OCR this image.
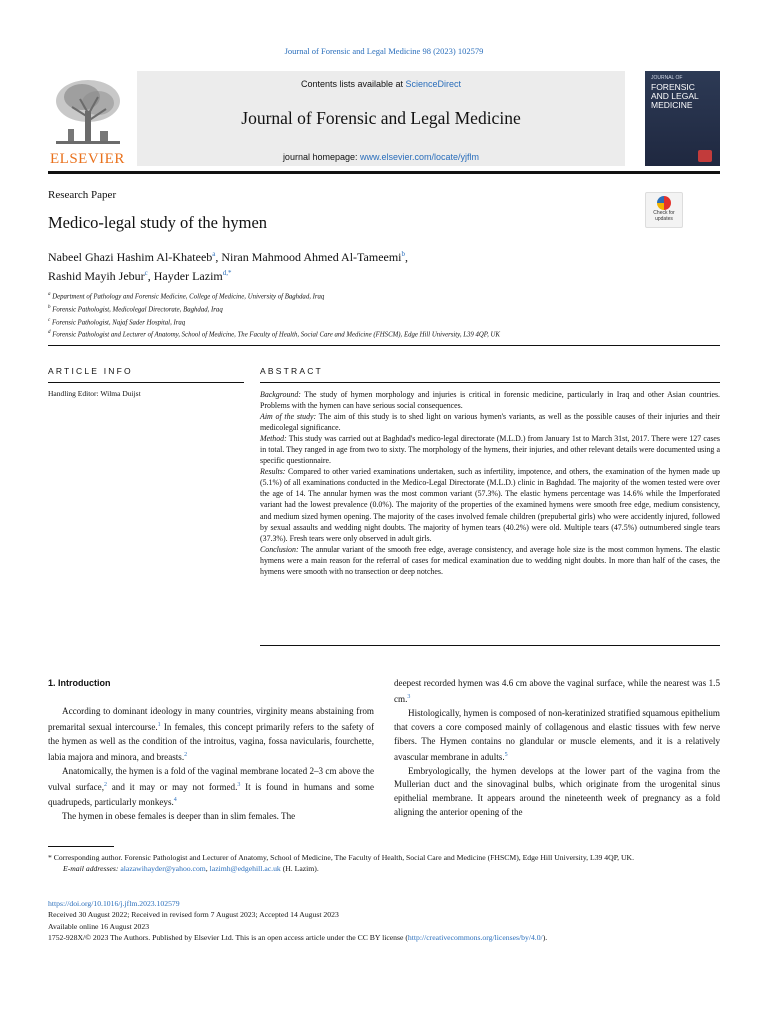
Journal of Forensic and Legal Medicine 98 (2023) 102579
ELSEVIER
Contents lists available at ScienceDirect
Journal of Forensic and Legal Medicine
journal homepage: www.elsevier.com/locate/yjflm
JOURNAL OF
FORENSIC AND LEGAL MEDICINE
Research Paper
Medico-legal study of the hymen	Check for updates
Nabeel Ghazi Hashim Al-Khateeb$^a$, Niran Mahmood Ahmed Al-Tameemi$^b$,
Rashid Mayih Jebur$^c$, Hayder Lazim$^{d,*}$
$^a$ Department of Pathology and Forensic Medicine, College of Medicine, University of Baghdad, Iraq
$^b$ Forensic Pathologist, Medicolegal Directorate, Baghdad, Iraq
$^c$ Forensic Pathologist, Najaf Sader Hospital, Iraq
$^d$ Forensic Pathologist and Lecturer of Anatomy, School of Medicine, The Faculty of Health, Social Care and Medicine (FHSCM), Edge Hill University, L39 4QP, UK
ARTICLE INFO	ABSTRACT
Handling Editor: Wilma Duijst	Background: The study of hymen morphology and injuries is critical in forensic medicine, particularly in Iraq and other Asian countries. Problems with the hymen can have serious social consequences.

Aim of the study: The aim of this study is to shed light on various hymen's variants, as well as the possible causes of their injuries and their medicolegal significance.

Method: This study was carried out at Baghdad's medico-legal directorate (M.L.D.) from January 1st to March 31st, 2017. There were 127 cases in total. They ranged in age from two to sixty. The morphology of the hymens, their injuries, and other relevant details were documented using a specific questionnaire.

Results: Compared to other varied examinations undertaken, such as infertility, impotence, and others, the examination of the hymen made up (5.1%) of all examinations conducted in the Medico-Legal Directorate (M.L.D.) clinic in Baghdad. The majority of the women tested were over the age of 14. The annular hymen was the most common variant (57.3%). The elastic hymens percentage was 14.6% while the Imperforated variant had the lowest prevalence (0.0%). The majority of the properties of the examined hymens were smooth free edge, medium consistency, and medium sized hymen opening. The majority of the cases involved female children (prepubertal girls) who were accidently injured, followed by sexual assaults and wedding night doubts. The majority of hymen tears (40.2%) were old. Multiple tears (47.5%) outnumbered single tears (37.3%). Fresh tears were only observed in adult girls.

Conclusion: The annular variant of the smooth free edge, average consistency, and average hole size is the most common hymens. The elastic hymens were a main reason for the referral of cases for medical examination due to wedding night doubts. In more than half of the cases, the hymens were smooth with no transection or deep notches.

1. Introduction

According to dominant ideology in many countries, virginity means abstaining from premarital sexual intercourse.$^1$ In females, this concept primarily refers to the safety of the hymen as well as the condition of the introitus, vagina, fossa navicularis, fourchette, labia majora and minora, and breasts.$^2$

Anatomically, the hymen is a fold of the vaginal membrane located 2–3 cm above the vulval surface,$^2$ and it may or may not formed.$^3$ It is found in humans and some quadrupeds, particularly monkeys.$^4$

The hymen in obese females is deeper than in slim females. The

deepest recorded hymen was 4.6 cm above the vaginal surface, while the nearest was 1.5 cm.$^3$

Histologically, hymen is composed of non-keratinized stratified squamous epithelium that covers a core composed mainly of collagenous and elastic tissues with few nerve fibers. The Hymen contains no glandular or muscle elements, and it is a relatively avascular membrane in adults.$^5$

Embryologically, the hymen develops at the lower part of the vagina from the Mullerian duct and the sinovaginal bulbs, which originate from the urogenital sinus epithelial membrane. It appears around the nineteenth week of pregnancy as a fold aligning the anterior opening of the

* Corresponding author. Forensic Pathologist and Lecturer of Anatomy, School of Medicine, The Faculty of Health, Social Care and Medicine (FHSCM), Edge Hill University, L39 4QP, UK.
E-mail addresses: alazawihayder@yahoo.com, lazimh@edgehill.ac.uk (H. Lazim).
https://doi.org/10.1016/j.jflm.2023.102579
Received 30 August 2022; Received in revised form 7 August 2023; Accepted 14 August 2023
Available online 16 August 2023
1752-928X/© 2023 The Authors. Published by Elsevier Ltd. This is an open access article under the CC BY license (http://creativecommons.org/licenses/by/4.0/).
